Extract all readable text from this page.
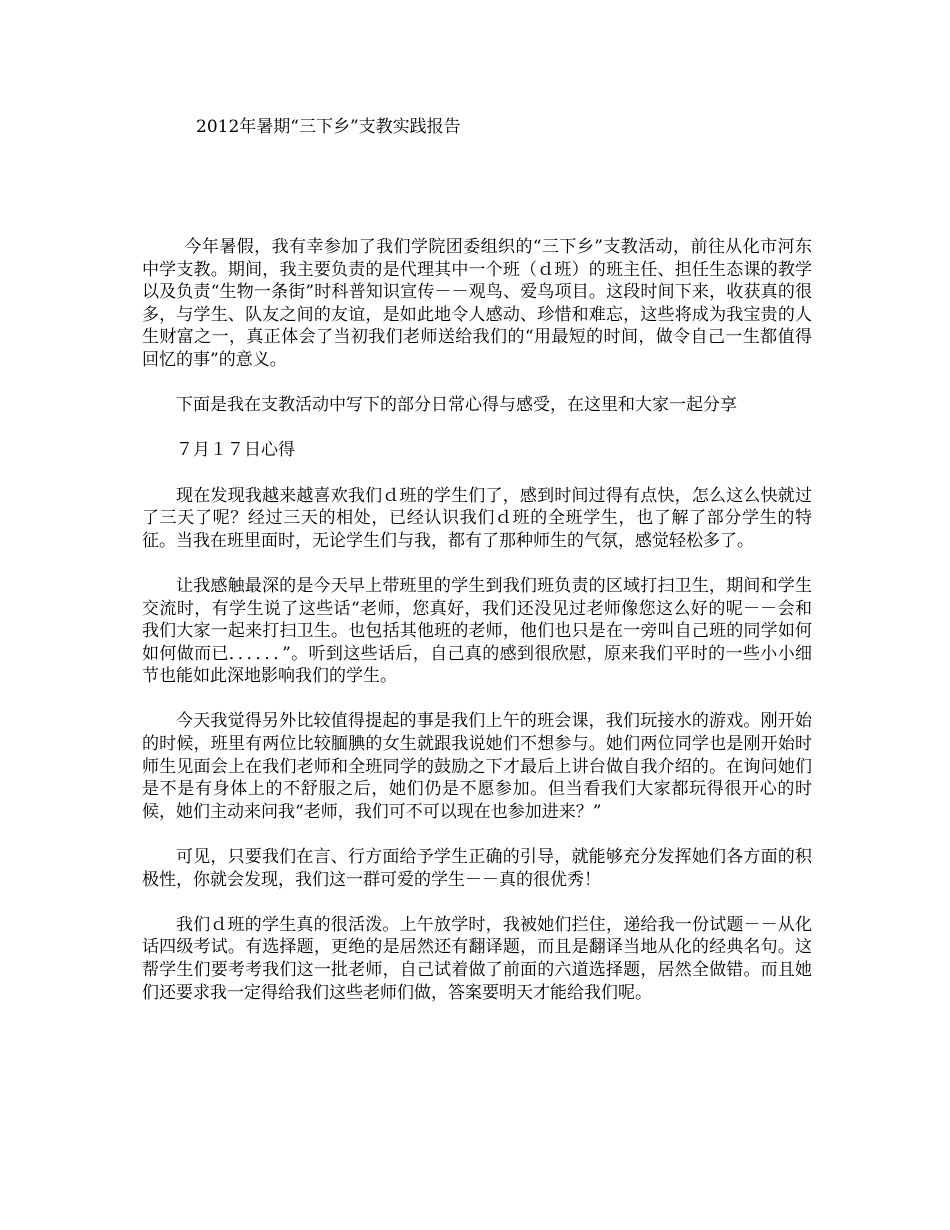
2012年暑期“三下乡”支教实践报告

今年暑假，我有幸参加了我们学院团委组织的“三下乡”支教活动，前往从化市河东中学支教。期间，我主要负责的是代理其中一个班（ｄ班）的班主任、担任生态课的教学以及负责“生物一条街”时科普知识宣传－－观鸟、爱鸟项目。这段时间下来，收获真的很多，与学生、队友之间的友谊，是如此地令人感动、珍惜和难忘，这些将成为我宝贵的人生财富之一，真正体会了当初我们老师送给我们的“用最短的时间，做令自己一生都值得回忆的事”的意义。

下面是我在支教活动中写下的部分日常心得与感受，在这里和大家一起分享

７月１７日心得

现在发现我越来越喜欢我们ｄ班的学生们了，感到时间过得有点快，怎么这么快就过了三天了呢？经过三天的相处，已经认识我们ｄ班的全班学生，也了解了部分学生的特征。当我在班里面时，无论学生们与我，都有了那种师生的气氛，感觉轻松多了。

让我感触最深的是今天早上带班里的学生到我们班负责的区域打扫卫生，期间和学生交流时，有学生说了这些话“老师，您真好，我们还没见过老师像您这么好的呢－－会和我们大家一起来打扫卫生。也包括其他班的老师，他们也只是在一旁叫自己班的同学如何如何做而已．．．．．．”。听到这些话后，自己真的感到很欣慰，原来我们平时的一些小小细节也能如此深地影响我们的学生。

今天我觉得另外比较值得提起的事是我们上午的班会课，我们玩接水的游戏。刚开始的时候，班里有两位比较腼腆的女生就跟我说她们不想参与。她们两位同学也是刚开始时师生见面会上在我们老师和全班同学的鼓励之下才最后上讲台做自我介绍的。在询问她们是不是有身体上的不舒服之后，她们仍是不愿参加。但当看我们大家都玩得很开心的时候，她们主动来问我“老师，我们可不可以现在也参加进来？”

可见，只要我们在言、行方面给予学生正确的引导，就能够充分发挥她们各方面的积极性，你就会发现，我们这一群可爱的学生－－真的很优秀！

我们ｄ班的学生真的很活泼。上午放学时，我被她们拦住，递给我一份试题－－从化话四级考试。有选择题，更绝的是居然还有翻译题，而且是翻译当地从化的经典名句。这帮学生们要考考我们这一批老师，自己试着做了前面的六道选择题，居然全做错。而且她们还要求我一定得给我们这些老师们做，答案要明天才能给我们呢。
